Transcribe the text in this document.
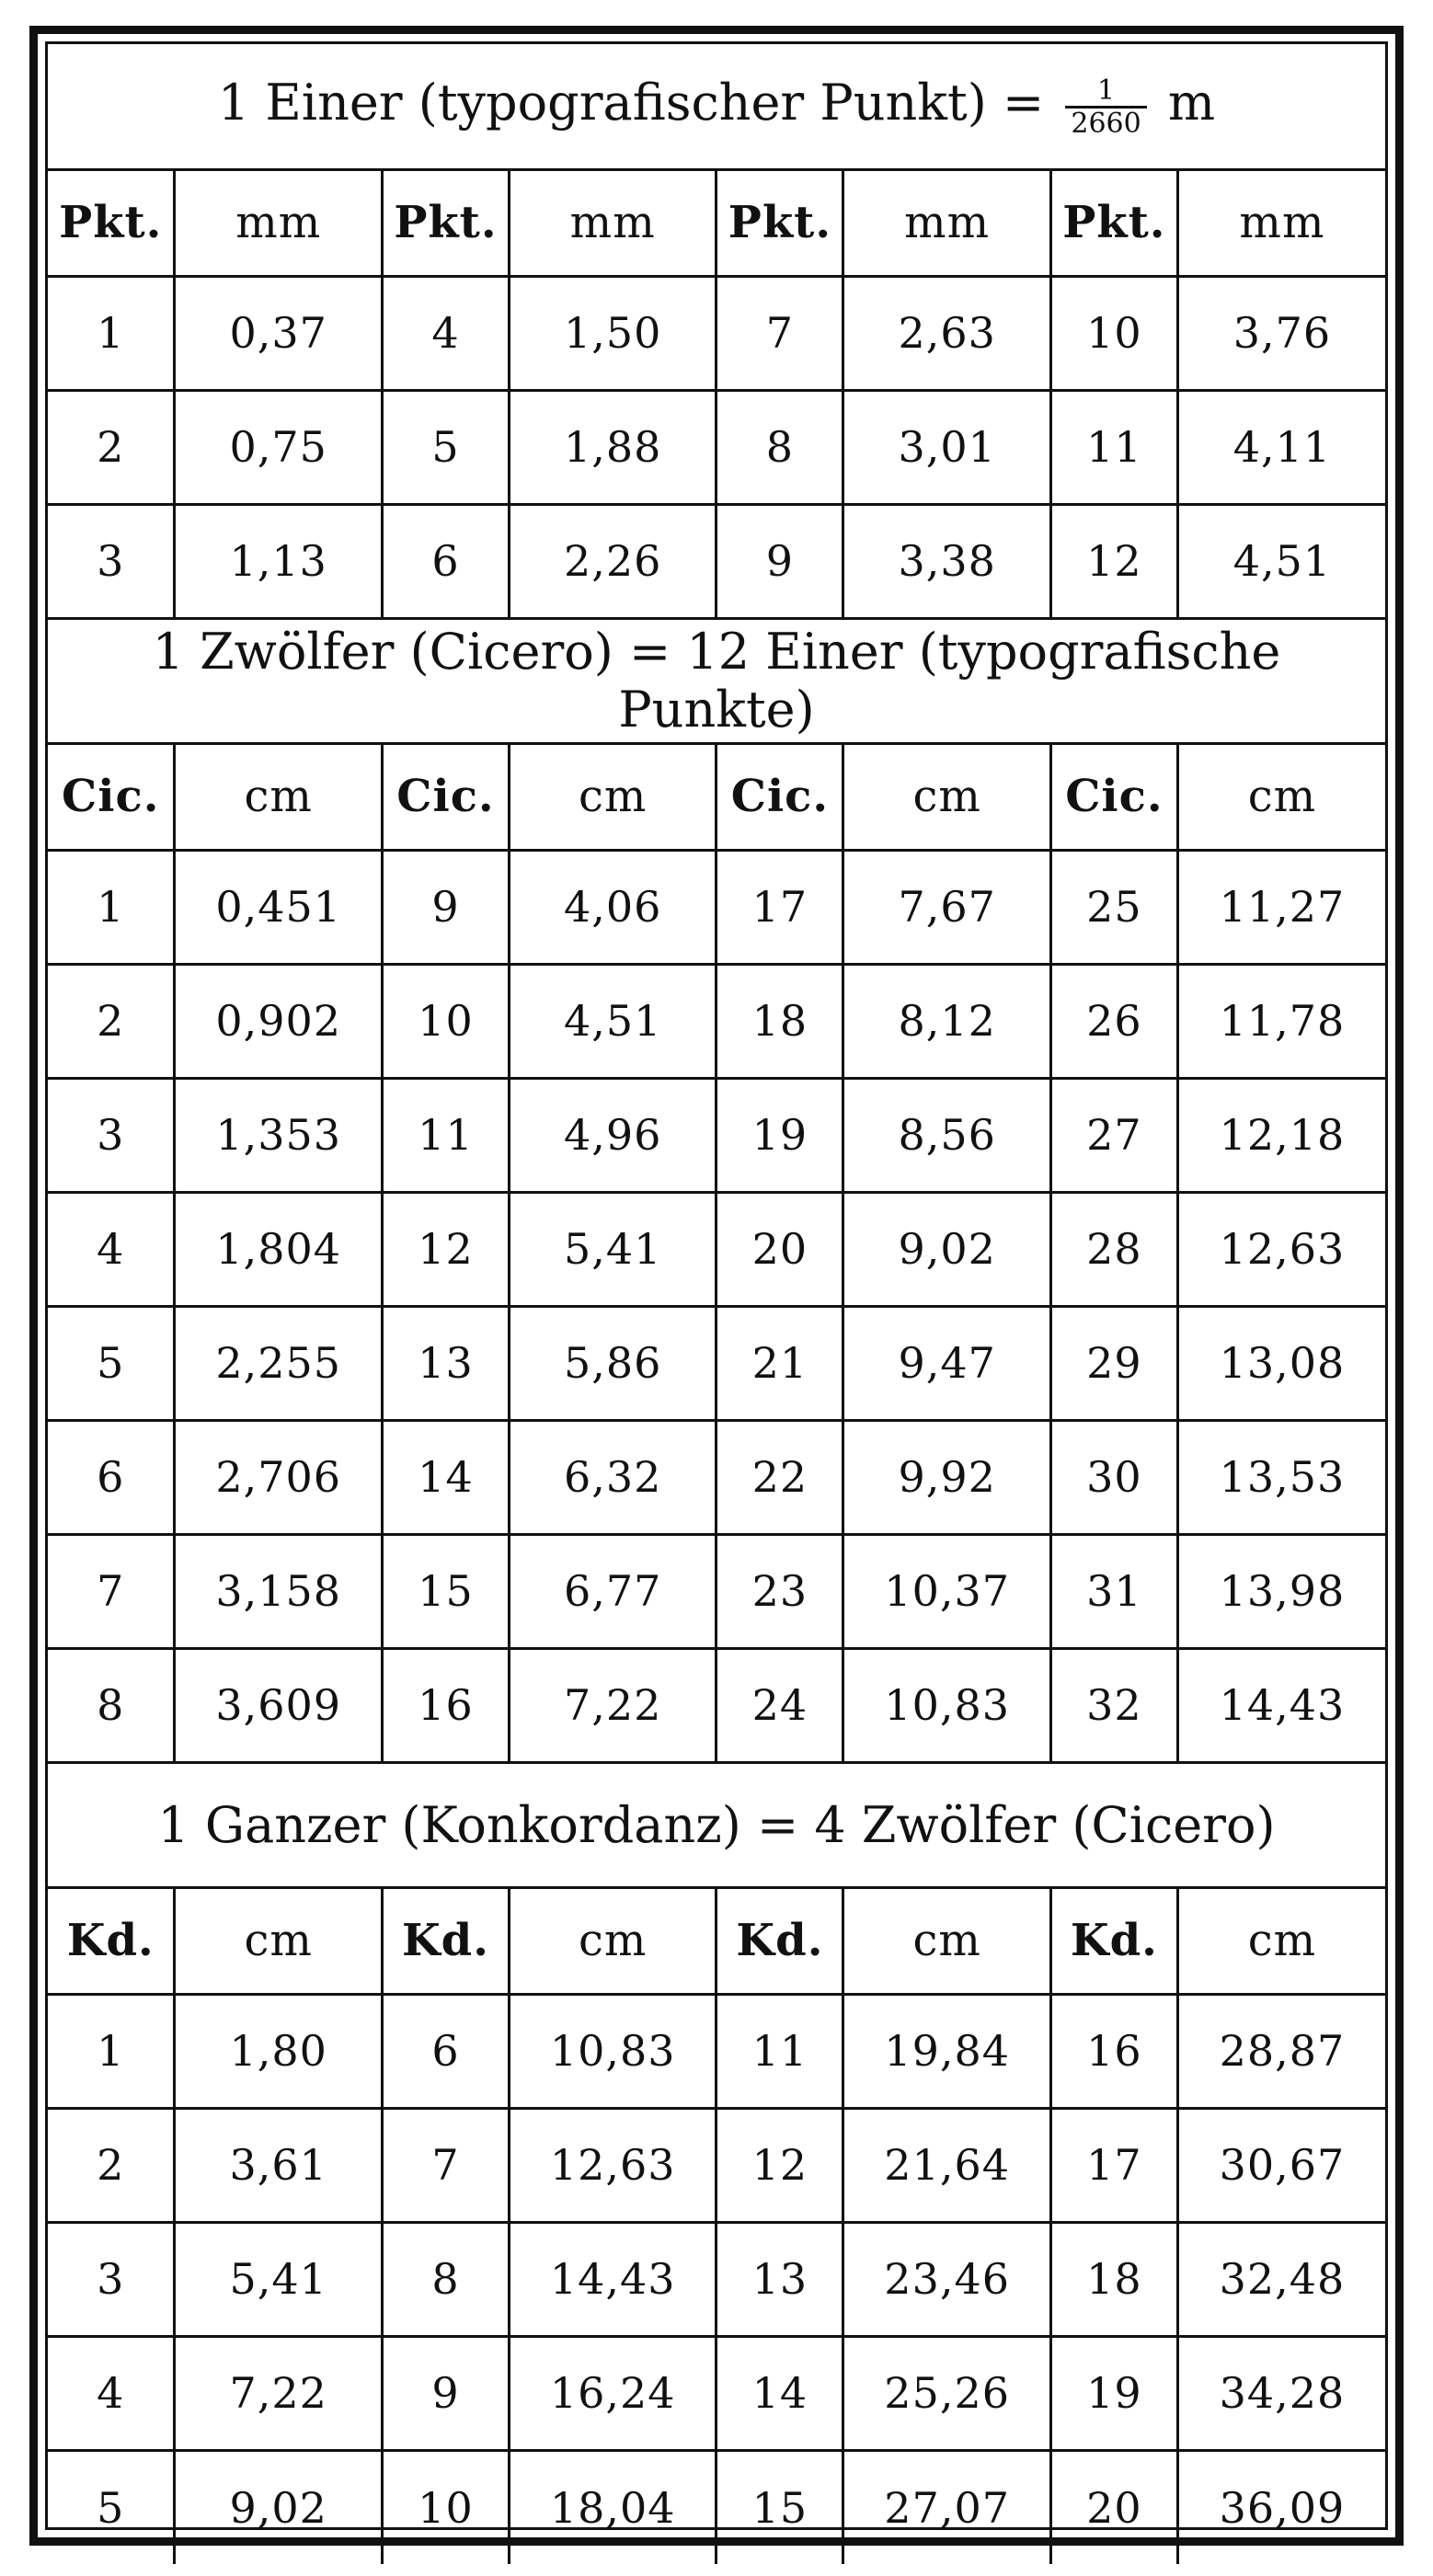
1 Einer (typografischer Punkt) = $\frac{1}{2660}$ m							
Pkt.	mm	Pkt.	mm	Pkt.	mm	Pkt.	mm
1	0,37	4	1,50	7	2,63	10	3,76
2	0,75	5	1,88	8	3,01	11	4,11
3	1,13	6	2,26	9	3,38	12	4,51
1 Zwölfer (Cicero) = 12 Einer (typografische Punkte)							
Cic.	cm	Cic.	cm	Cic.	cm	Cic.	cm
1	0,451	9	4,06	17	7,67	25	11,27
2	0,902	10	4,51	18	8,12	26	11,78
3	1,353	11	4,96	19	8,56	27	12,18
4	1,804	12	5,41	20	9,02	28	12,63
5	2,255	13	5,86	21	9,47	29	13,08
6	2,706	14	6,32	22	9,92	30	13,53
7	3,158	15	6,77	23	10,37	31	13,98
8	3,609	16	7,22	24	10,83	32	14,43
1 Ganzer (Konkordanz) = 4 Zwölfer (Cicero)							
Kd.	cm	Kd.	cm	Kd.	cm	Kd.	cm
1	1,80	6	10,83	11	19,84	16	28,87
2	3,61	7	12,63	12	21,64	17	30,67
3	5,41	8	14,43	13	23,46	18	32,48
4	7,22	9	16,24	14	25,26	19	34,28
5	9,02	10	18,04	15	27,07	20	36,09
